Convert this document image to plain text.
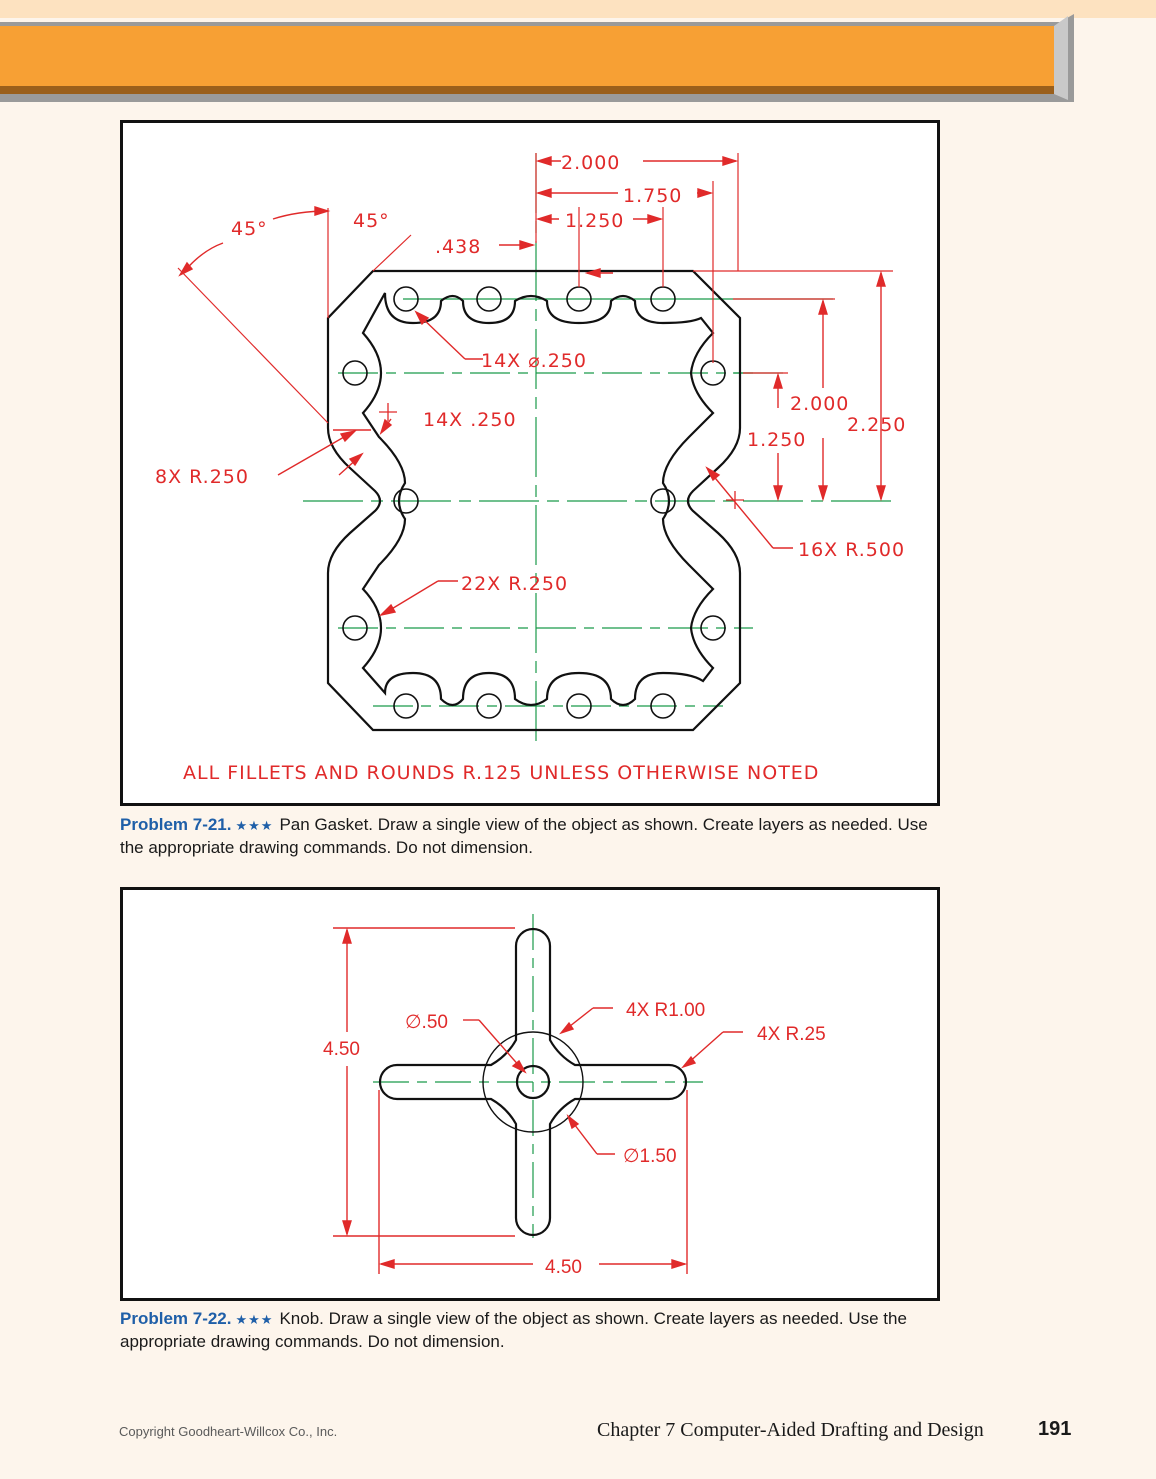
2.000
1.750
1.250
.438
45°	45°
14X ⌀.250
14X .250
8X R.250
22X R.250
16X R.500
2.000
1.250
2.250
ALL FILLETS AND ROUNDS R.125 UNLESS OTHERWISE NOTED
Problem 7-21. ★★★ Pan Gasket. Draw a single view of the object as shown. Create layers as needed. Use the appropriate drawing commands. Do not dimension.
4.50
4.50
∅.50
4X R1.00
4X R.25
∅1.50
Problem 7-22. ★★★ Knob. Draw a single view of the object as shown. Create layers as needed. Use the appropriate drawing commands. Do not dimension.
Copyright Goodheart-Willcox Co., Inc.	Chapter 7 Computer-Aided Drafting and Design	191
